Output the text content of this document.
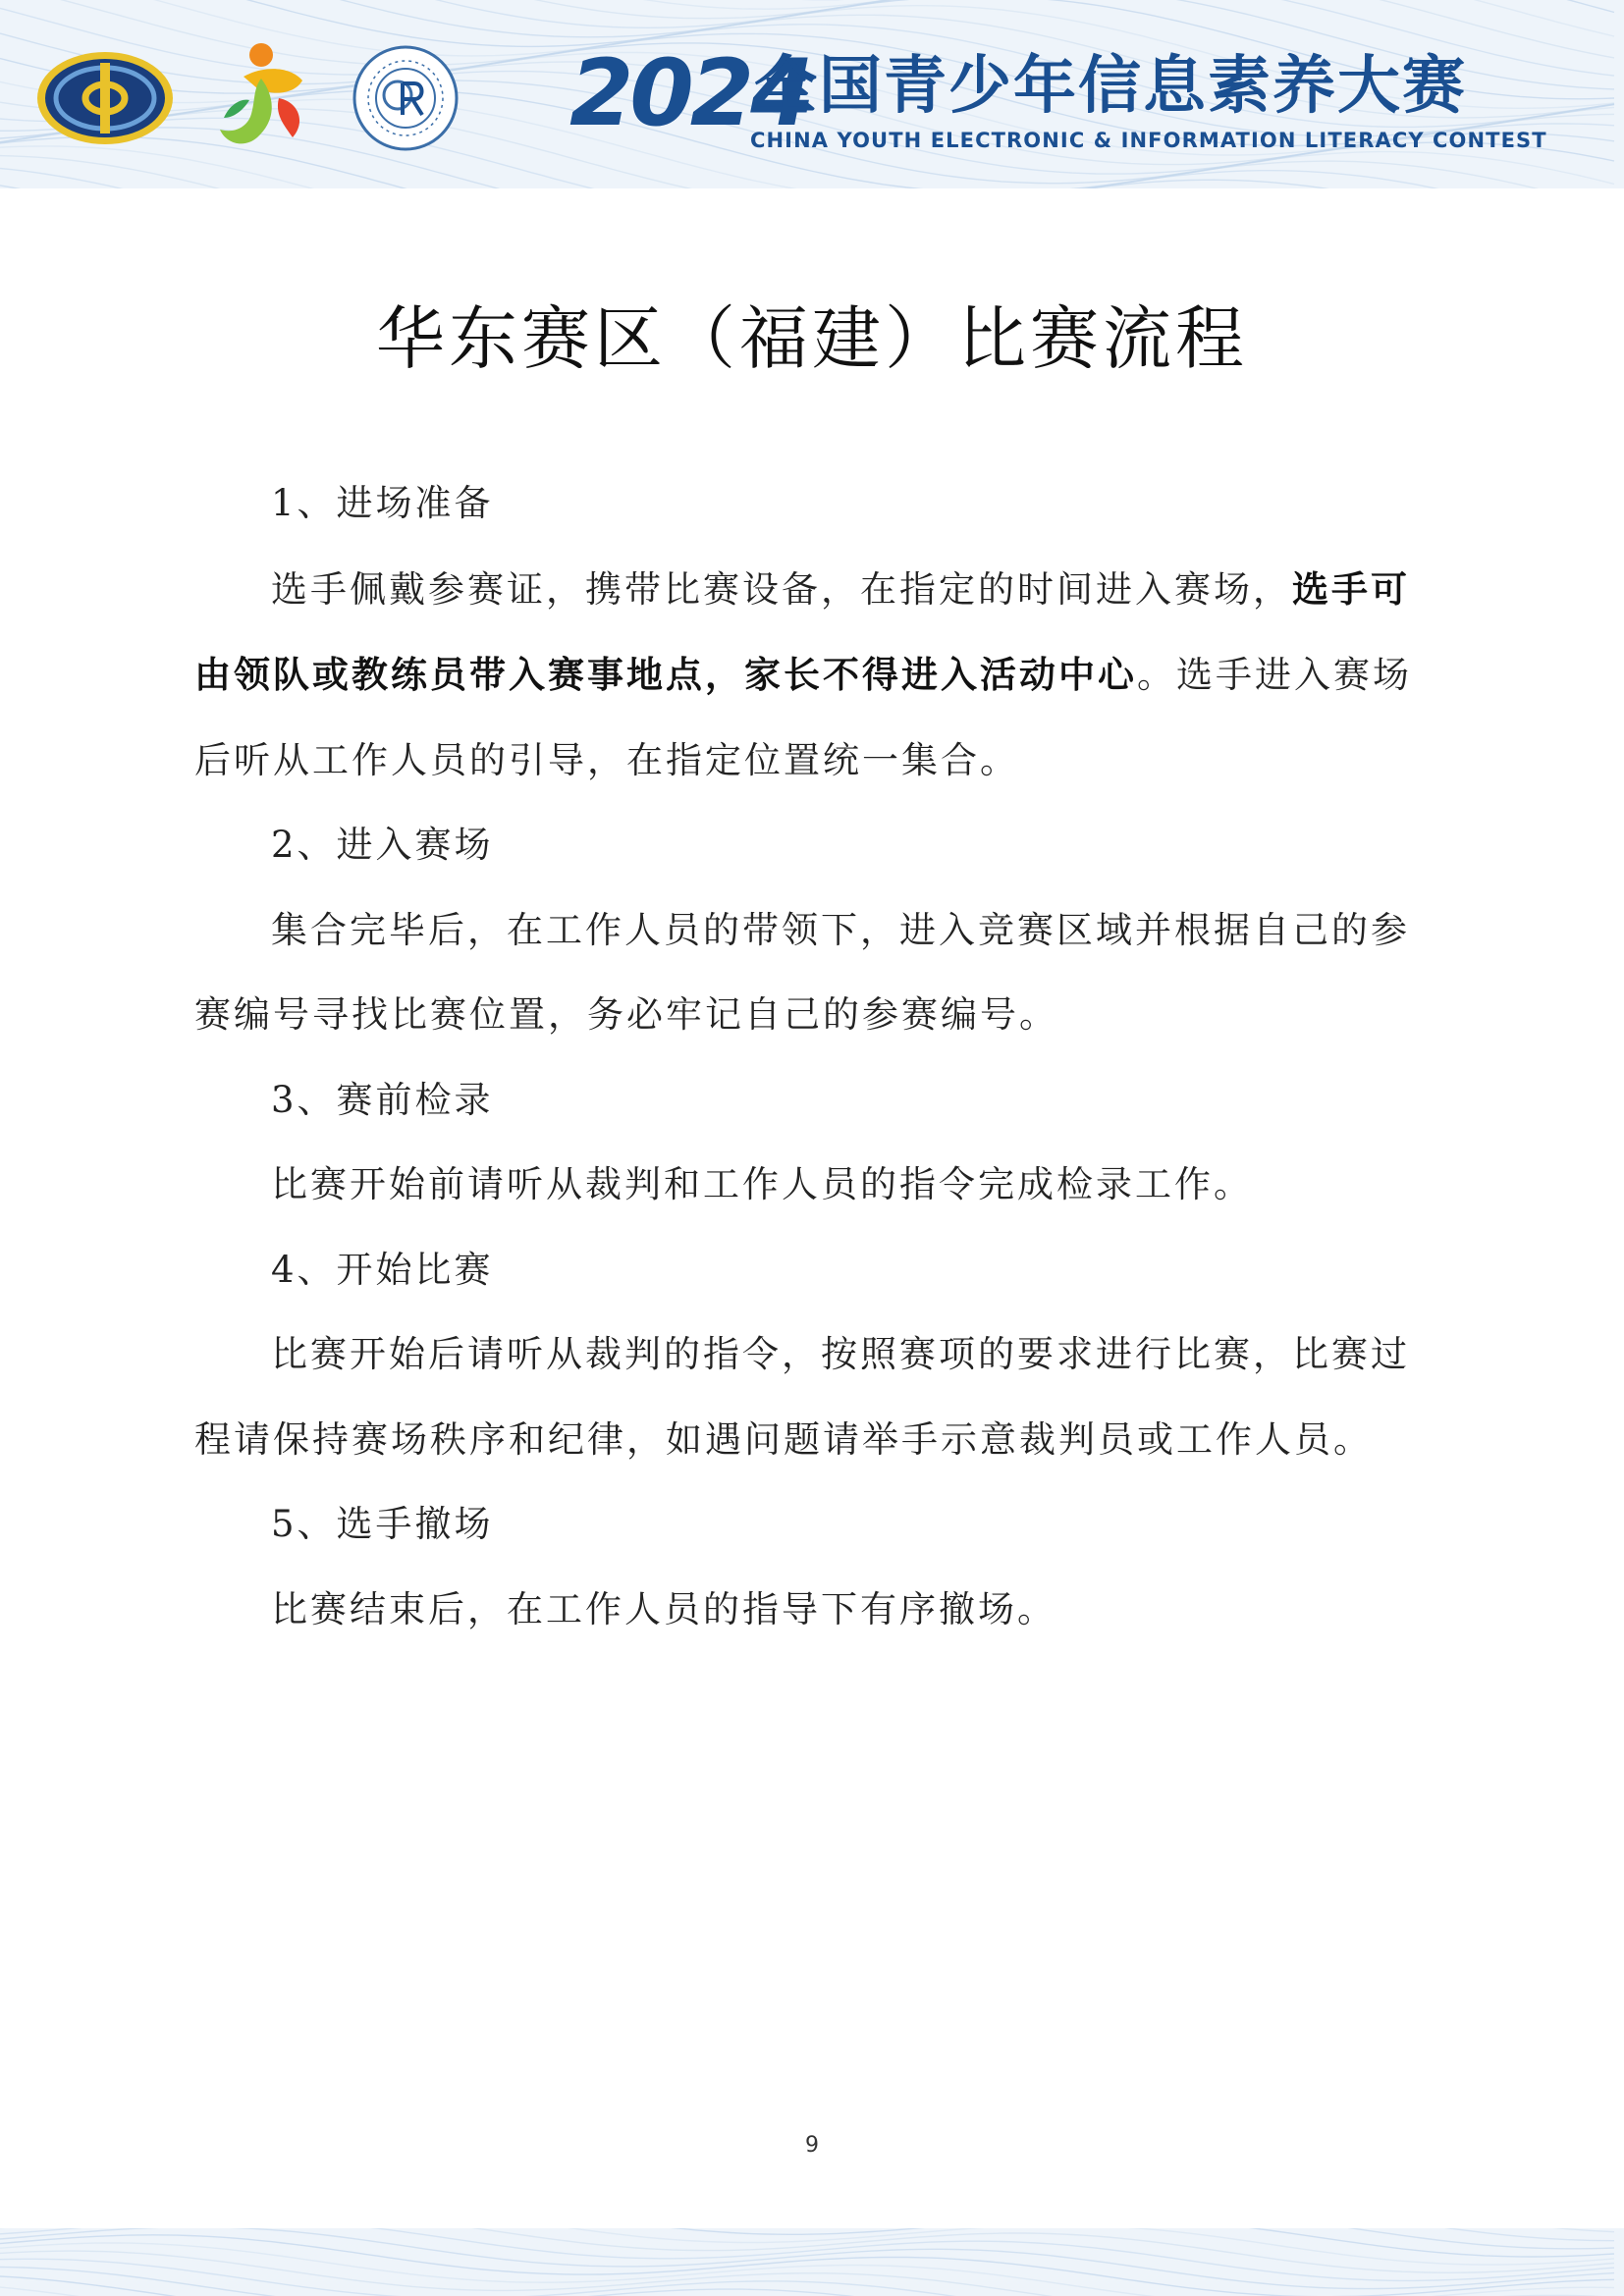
2024
全国青少年信息素养大赛
CHINA YOUTH ELECTRONIC & INFORMATION LITERACY CONTEST
华东赛区（福建）比赛流程

1、进场准备

选手佩戴参赛证，携带比赛设备，在指定的时间进入赛场，选手可由领队或教练员带入赛事地点，家长不得进入活动中心。选手进入赛场后听从工作人员的引导，在指定位置统一集合。

2、进入赛场

集合完毕后，在工作人员的带领下，进入竞赛区域并根据自己的参赛编号寻找比赛位置，务必牢记自己的参赛编号。

3、赛前检录

比赛开始前请听从裁判和工作人员的指令完成检录工作。

4、开始比赛

比赛开始后请听从裁判的指令，按照赛项的要求进行比赛，比赛过程请保持赛场秩序和纪律，如遇问题请举手示意裁判员或工作人员。

5、选手撤场

比赛结束后，在工作人员的指导下有序撤场。

9
